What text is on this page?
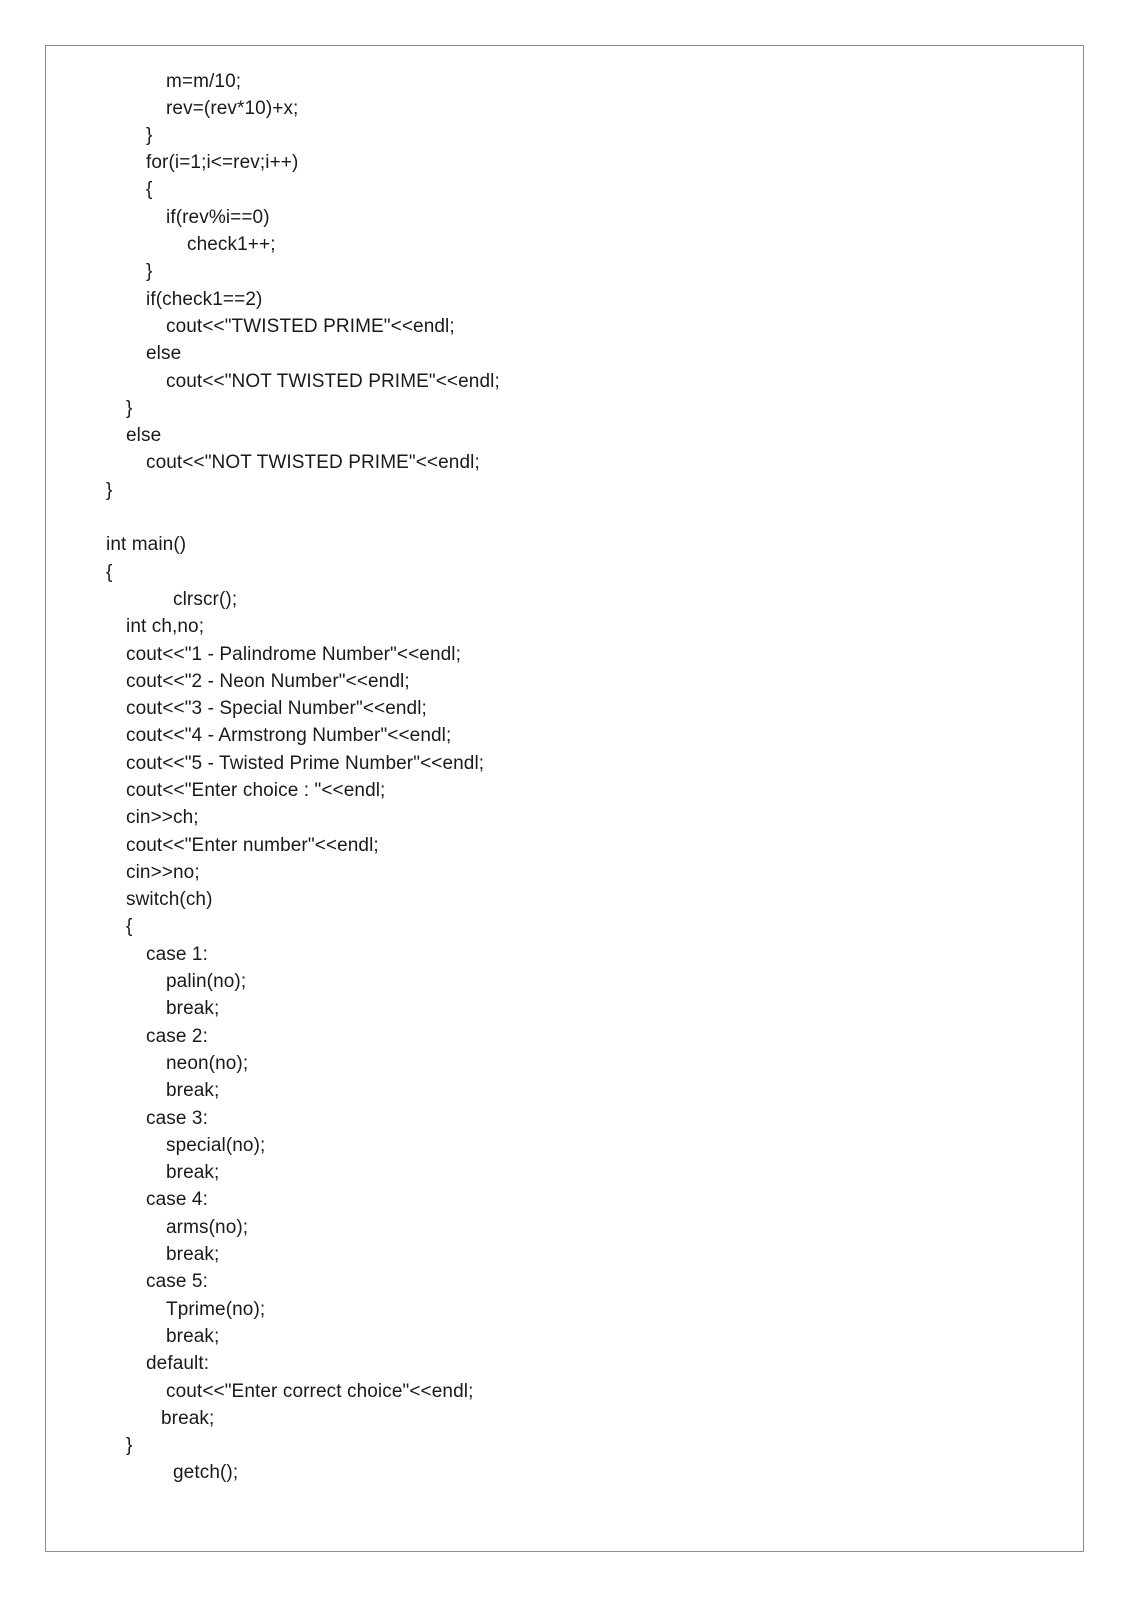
m=m/10;
rev=(rev*10)+x;
}
for(i=1;i<=rev;i++)
{
if(rev%i==0)
check1++;
}
if(check1==2)
cout<<"TWISTED PRIME"<<endl;
else
cout<<"NOT TWISTED PRIME"<<endl;
}
else
cout<<"NOT TWISTED PRIME"<<endl;
}
int main()
{
clrscr();
int ch,no;
cout<<"1 - Palindrome Number"<<endl;
cout<<"2 - Neon Number"<<endl;
cout<<"3 - Special Number"<<endl;
cout<<"4 - Armstrong Number"<<endl;
cout<<"5 - Twisted Prime Number"<<endl;
cout<<"Enter choice : "<<endl;
cin>>ch;
cout<<"Enter number"<<endl;
cin>>no;
switch(ch)
{
case 1:
palin(no);
break;
case 2:
neon(no);
break;
case 3:
special(no);
break;
case 4:
arms(no);
break;
case 5:
Tprime(no);
break;
default:
cout<<"Enter correct choice"<<endl;
break;
}
getch();
